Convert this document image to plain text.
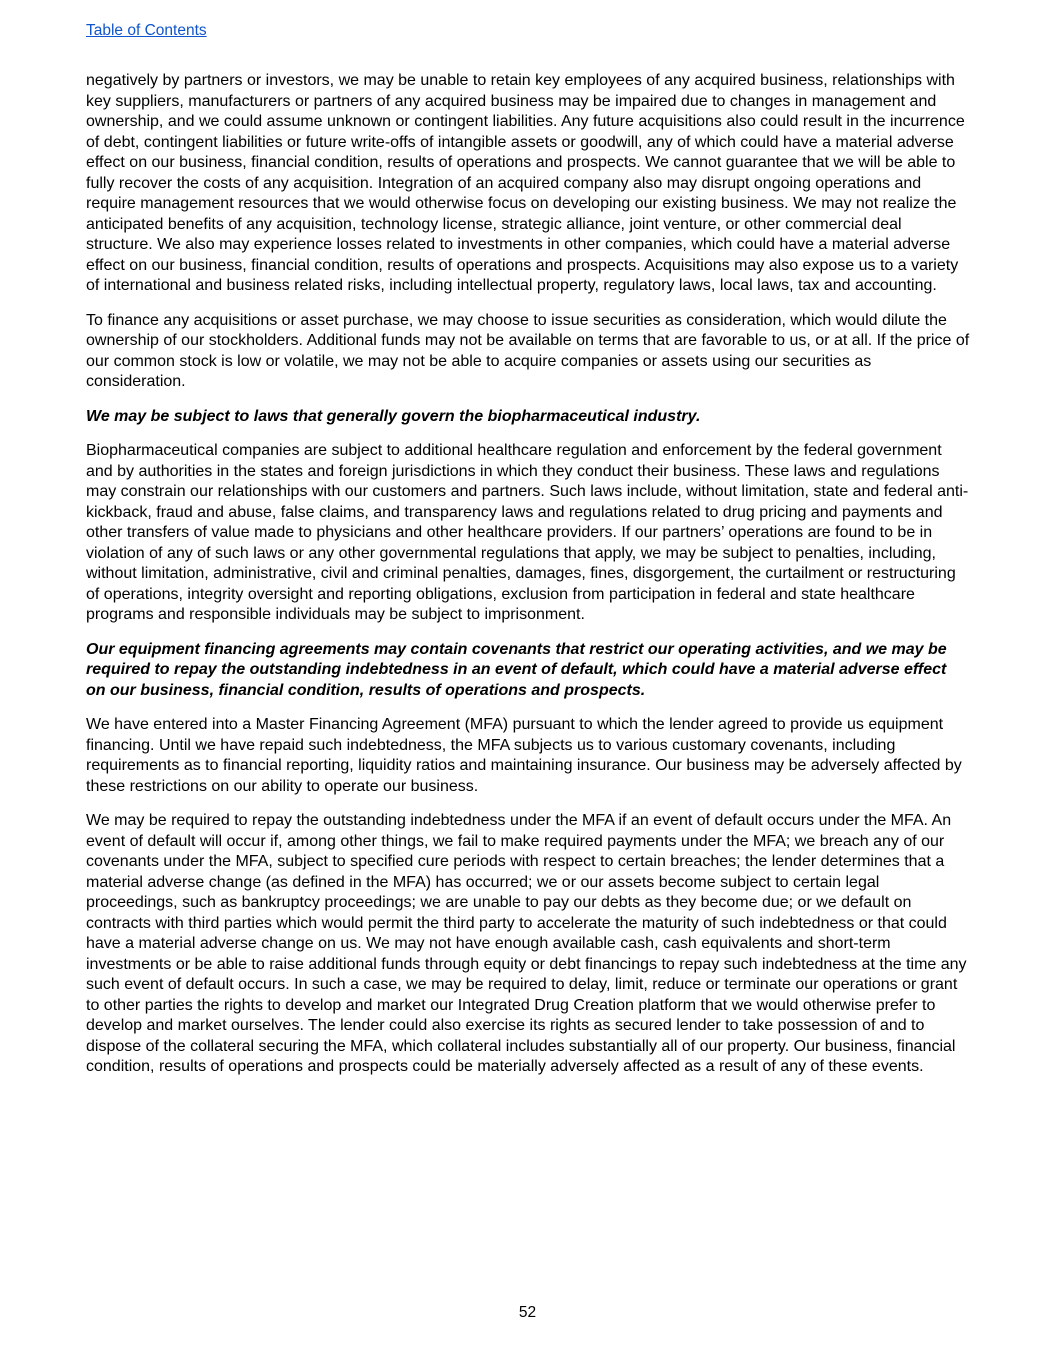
Table of Contents

negatively by partners or investors, we may be unable to retain key employees of any acquired business, relationships with key suppliers, manufacturers or partners of any acquired business may be impaired due to changes in management and ownership, and we could assume unknown or contingent liabilities. Any future acquisitions also could result in the incurrence of debt, contingent liabilities or future write-offs of intangible assets or goodwill, any of which could have a material adverse effect on our business, financial condition, results of operations and prospects. We cannot guarantee that we will be able to fully recover the costs of any acquisition. Integration of an acquired company also may disrupt ongoing operations and require management resources that we would otherwise focus on developing our existing business. We may not realize the anticipated benefits of any acquisition, technology license, strategic alliance, joint venture, or other commercial deal structure. We also may experience losses related to investments in other companies, which could have a material adverse effect on our business, financial condition, results of operations and prospects. Acquisitions may also expose us to a variety of international and business related risks, including intellectual property, regulatory laws, local laws, tax and accounting.

To finance any acquisitions or asset purchase, we may choose to issue securities as consideration, which would dilute the ownership of our stockholders. Additional funds may not be available on terms that are favorable to us, or at all. If the price of our common stock is low or volatile, we may not be able to acquire companies or assets using our securities as consideration.

We may be subject to laws that generally govern the biopharmaceutical industry.

Biopharmaceutical companies are subject to additional healthcare regulation and enforcement by the federal government and by authorities in the states and foreign jurisdictions in which they conduct their business. These laws and regulations may constrain our relationships with our customers and partners. Such laws include, without limitation, state and federal anti-kickback, fraud and abuse, false claims, and transparency laws and regulations related to drug pricing and payments and other transfers of value made to physicians and other healthcare providers. If our partners’ operations are found to be in violation of any of such laws or any other governmental regulations that apply, we may be subject to penalties, including, without limitation, administrative, civil and criminal penalties, damages, fines, disgorgement, the curtailment or restructuring of operations, integrity oversight and reporting obligations, exclusion from participation in federal and state healthcare programs and responsible individuals may be subject to imprisonment.

Our equipment financing agreements may contain covenants that restrict our operating activities, and we may be required to repay the outstanding indebtedness in an event of default, which could have a material adverse effect on our business, financial condition, results of operations and prospects.

We have entered into a Master Financing Agreement (MFA) pursuant to which the lender agreed to provide us equipment financing. Until we have repaid such indebtedness, the MFA subjects us to various customary covenants, including requirements as to financial reporting, liquidity ratios and maintaining insurance. Our business may be adversely affected by these restrictions on our ability to operate our business.

We may be required to repay the outstanding indebtedness under the MFA if an event of default occurs under the MFA. An event of default will occur if, among other things, we fail to make required payments under the MFA; we breach any of our covenants under the MFA, subject to specified cure periods with respect to certain breaches; the lender determines that a material adverse change (as defined in the MFA) has occurred; we or our assets become subject to certain legal proceedings, such as bankruptcy proceedings; we are unable to pay our debts as they become due; or we default on contracts with third parties which would permit the third party to accelerate the maturity of such indebtedness or that could have a material adverse change on us. We may not have enough available cash, cash equivalents and short-term investments or be able to raise additional funds through equity or debt financings to repay such indebtedness at the time any such event of default occurs. In such a case, we may be required to delay, limit, reduce or terminate our operations or grant to other parties the rights to develop and market our Integrated Drug Creation platform that we would otherwise prefer to develop and market ourselves. The lender could also exercise its rights as secured lender to take possession of and to dispose of the collateral securing the MFA, which collateral includes substantially all of our property. Our business, financial condition, results of operations and prospects could be materially adversely affected as a result of any of these events.

52
